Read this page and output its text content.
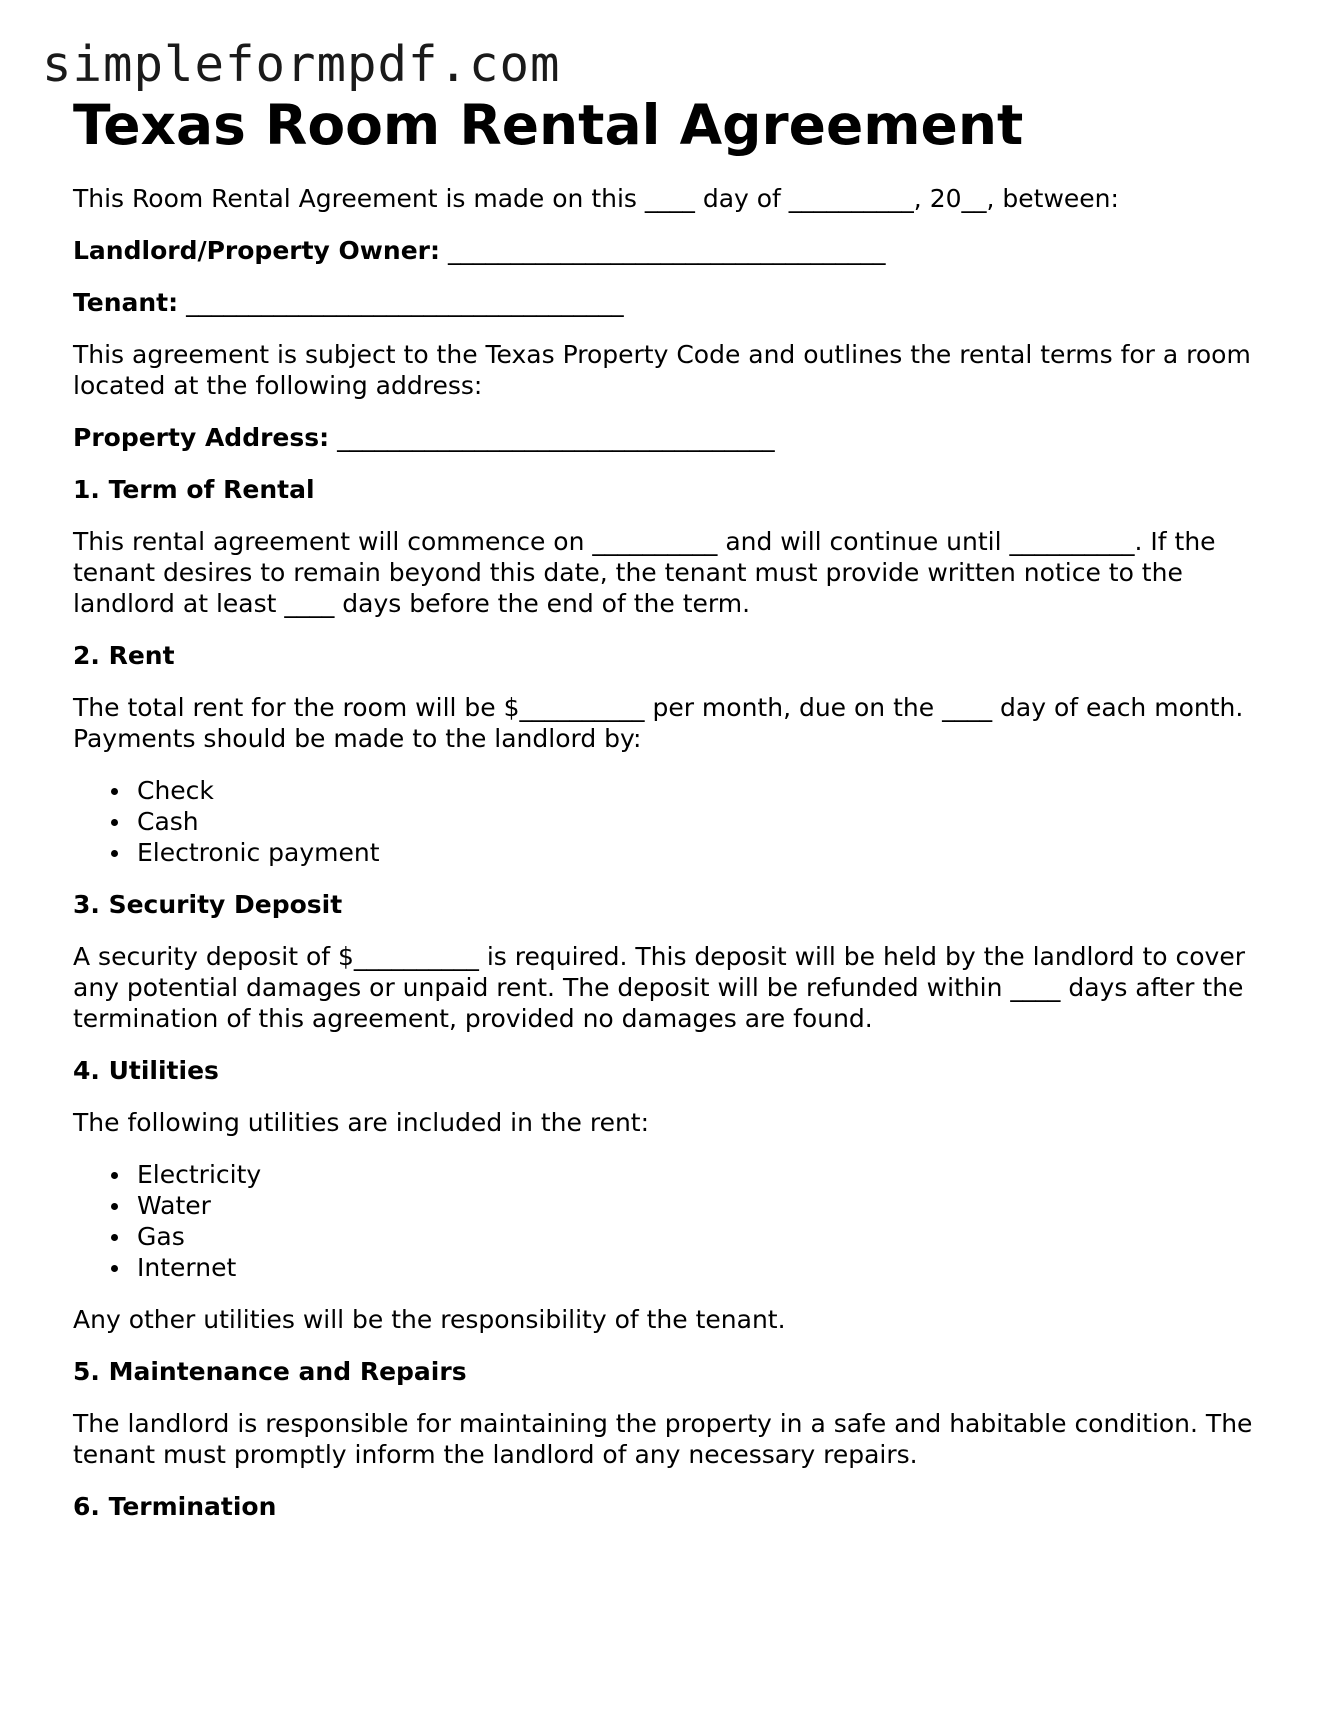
simpleformpdf.com
Texas Room Rental Agreement

This Room Rental Agreement is made on this ____ day of __________, 20__, between:

Landlord/Property Owner: ___________________________________

Tenant: ___________________________________

This agreement is subject to the Texas Property Code and outlines the rental terms for a room located at the following address:

Property Address: ___________________________________

1. Term of Rental

This rental agreement will commence on __________ and will continue until __________. If the tenant desires to remain beyond this date, the tenant must provide written notice to the landlord at least ____ days before the end of the term.

2. Rent

The total rent for the room will be $__________ per month, due on the ____ day of each month. Payments should be made to the landlord by:

Check
Cash
Electronic payment
3. Security Deposit

A security deposit of $__________ is required. This deposit will be held by the landlord to cover any potential damages or unpaid rent. The deposit will be refunded within ____ days after the termination of this agreement, provided no damages are found.

4. Utilities

The following utilities are included in the rent:

Electricity
Water
Gas
Internet

Any other utilities will be the responsibility of the tenant.

5. Maintenance and Repairs

The landlord is responsible for maintaining the property in a safe and habitable condition. The tenant must promptly inform the landlord of any necessary repairs.

6. Termination
